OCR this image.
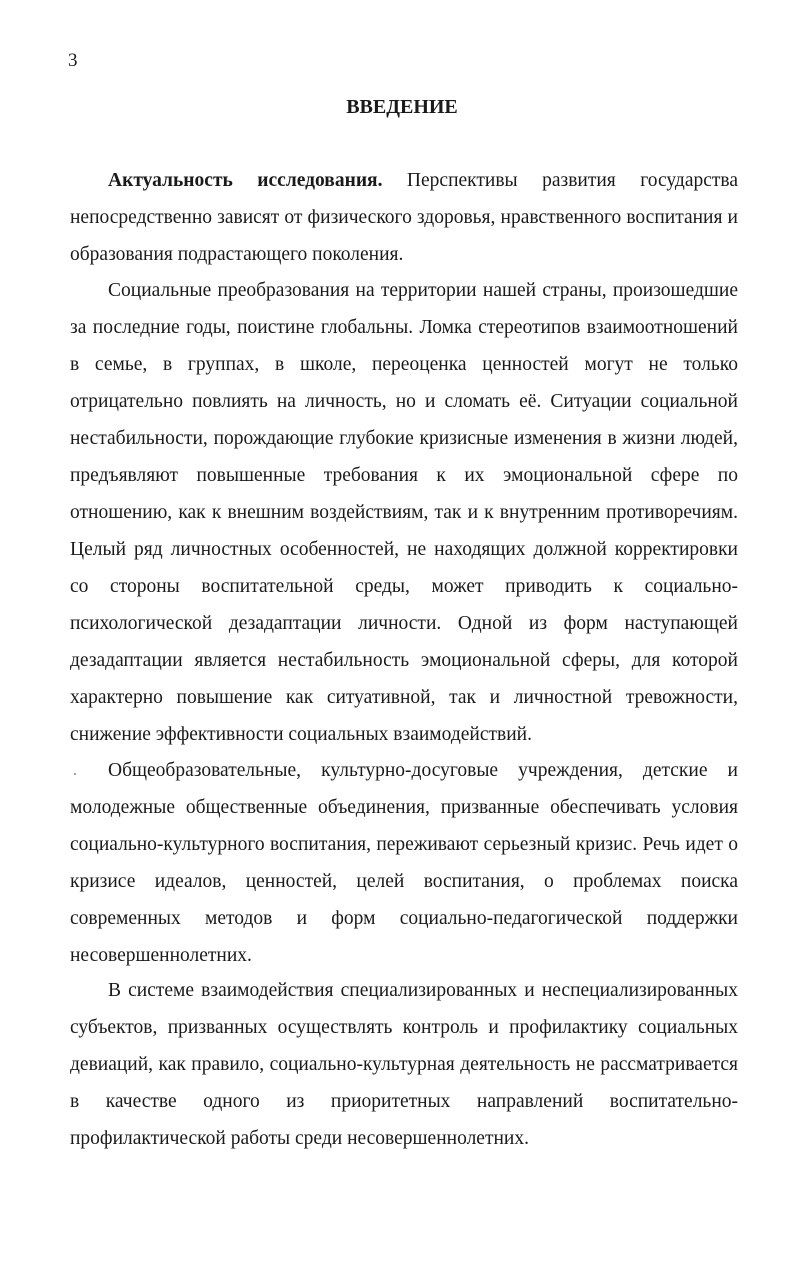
3
ВВЕДЕНИЕ

Актуальность исследования. Перспективы развития государства непосредственно зависят от физического здоровья, нравственного воспитания и образования подрастающего поколения.

Социальные преобразования на территории нашей страны, произошедшие за последние годы, поистине глобальны. Ломка стереотипов взаимоотношений в семье, в группах, в школе, переоценка ценностей могут не только отрицательно повлиять на личность, но и сломать её. Ситуации социальной нестабильности, порождающие глубокие кризисные изменения в жизни людей, предъявляют повышенные требования к их эмоциональной сфере по отношению, как к внешним воздействиям, так и к внутренним противоречиям. Целый ряд личностных особенностей, не находящих должной корректировки со стороны воспитательной среды, может приводить к социально-психологической дезадаптации личности. Одной из форм наступающей дезадаптации является нестабильность эмоциональной сферы, для которой характерно повышение как ситуативной, так и личностной тревожности, снижение эффективности социальных взаимодействий.

Общеобразовательные, культурно-досуговые учреждения, детские и молодежные общественные объединения, призванные обеспечивать условия социально-культурного воспитания, переживают серьезный кризис. Речь идет о кризисе идеалов, ценностей, целей воспитания, о проблемах поиска современных методов и форм социально-педагогической поддержки несовершеннолетних.

В системе взаимодействия специализированных и неспециализированных субъектов, призванных осуществлять контроль и профилактику социальных девиаций, как правило, социально-культурная деятельность не рассматривается в качестве одного из приоритетных направлений воспитательно-профилактической работы среди несовершеннолетних.
